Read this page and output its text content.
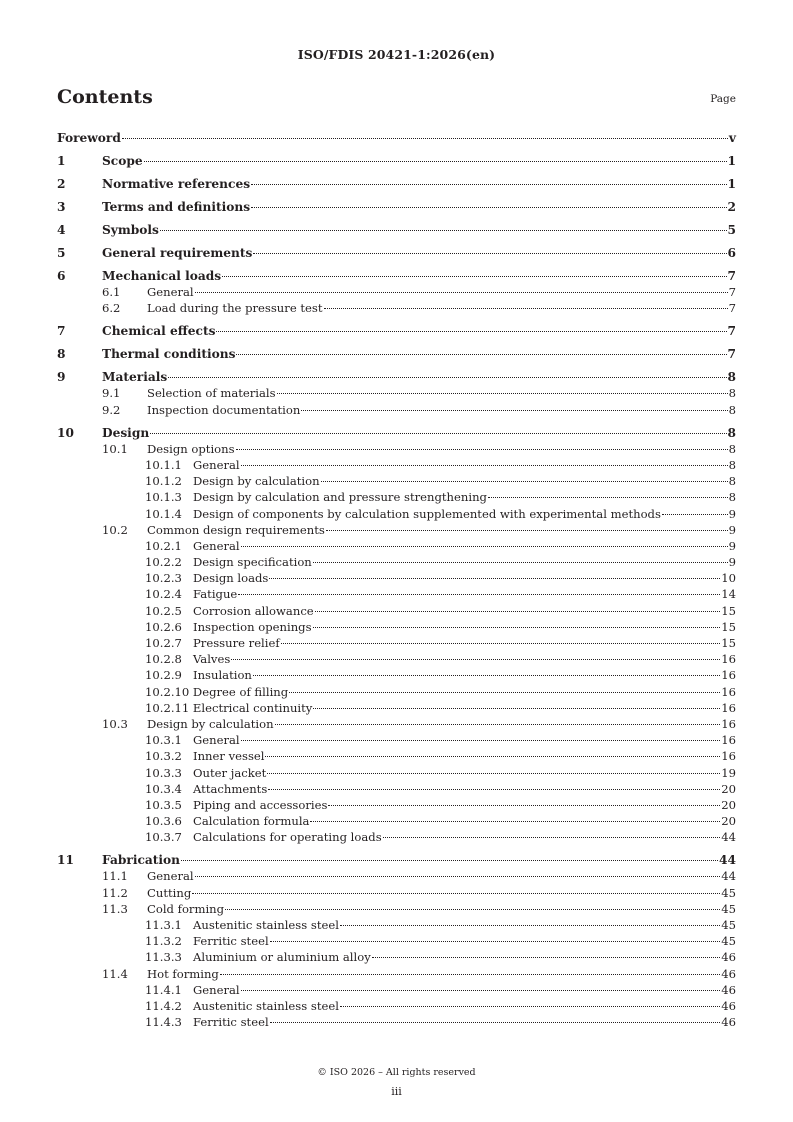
ISO/FDIS 20421-1:2026(en)
Contents	Page
Foreword	v
1	Scope	1
2	Normative references	1
3	Terms and definitions	2
4	Symbols	5
5	General requirements	6
6	Mechanical loads	7
6.1 General	7
6.2 Load during the pressure test	7
7	Chemical effects	7
8	Thermal conditions	7
9	Materials	8
9.1 Selection of materials	8
9.2 Inspection documentation	8
10 Design	8
10.1 Design options	8
10.1.1 General	8
10.1.2 Design by calculation	8
10.1.3 Design by calculation and pressure strengthening	8
10.1.4 Design of components by calculation supplemented with experimental methods	9
10.2 Common design requirements	9
10.2.1 General	9
10.2.2 Design specification	9
10.2.3 Design loads	10
10.2.4 Fatigue	14
10.2.5 Corrosion allowance	15
10.2.6 Inspection openings	15
10.2.7 Pressure relief	15
10.2.8 Valves	16
10.2.9 Insulation	16
10.2.10 Degree of filling	16
10.2.11 Electrical continuity	16
10.3 Design by calculation	16
10.3.1 General	16
10.3.2 Inner vessel	16
10.3.3 Outer jacket	19
10.3.4 Attachments	20
10.3.5 Piping and accessories	20
10.3.6 Calculation formula	20
10.3.7 Calculations for operating loads	44
11 Fabrication	44
11.1 General	44
11.2 Cutting	45
11.3 Cold forming	45
11.3.1 Austenitic stainless steel	45
11.3.2 Ferritic steel	45
11.3.3 Aluminium or aluminium alloy	46
11.4 Hot forming	46
11.4.1 General	46
11.4.2 Austenitic stainless steel	46
11.4.3 Ferritic steel	46
© ISO 2026 – All rights reserved
iii
